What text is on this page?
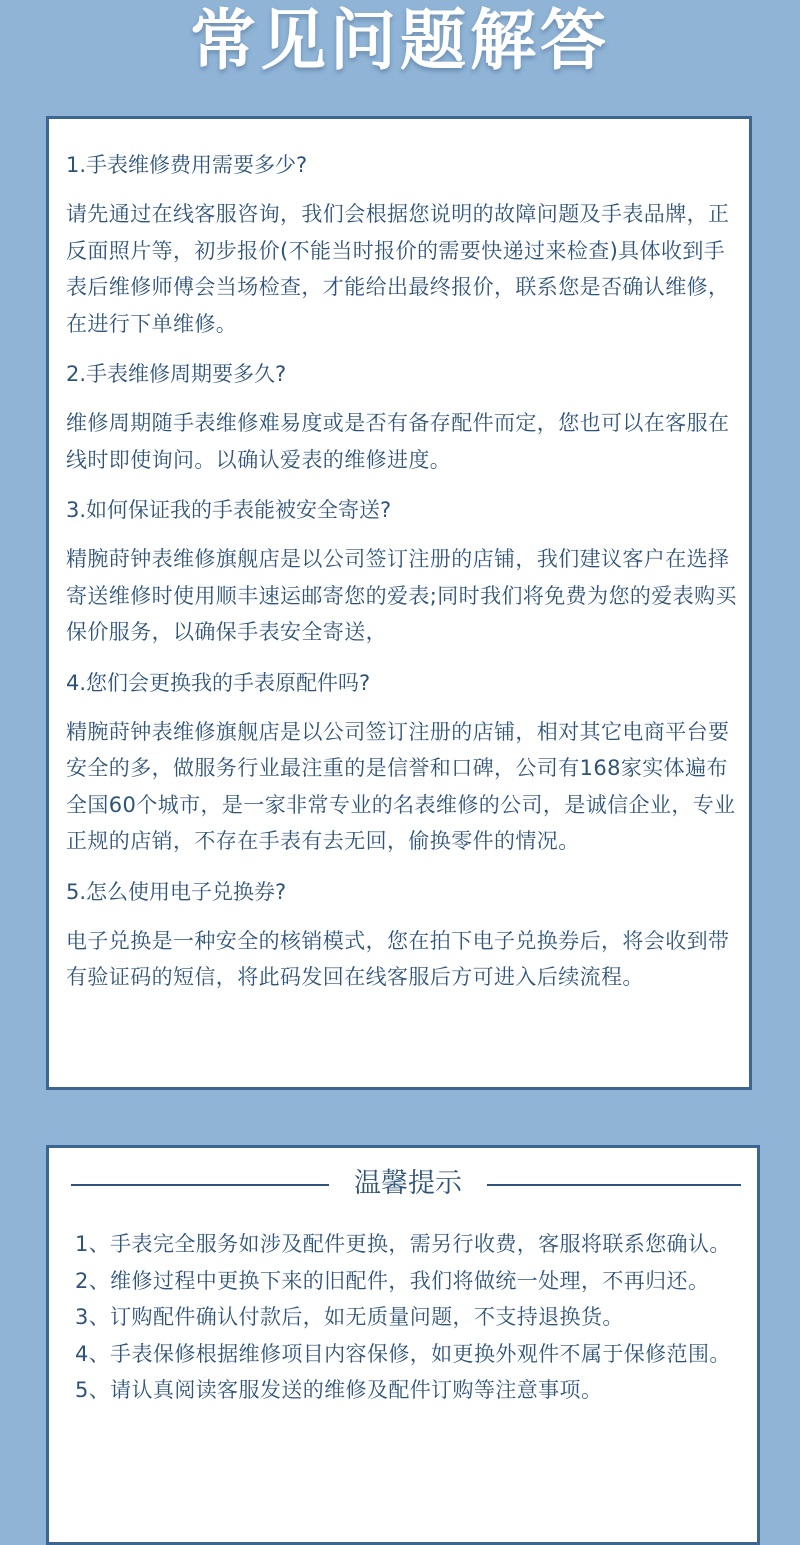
常见问题解答
1.手表维修费用需要多少?
请先通过在线客服咨询，我们会根据您说明的故障问题及手表品牌，正反面照片等，初步报价(不能当时报价的需要快递过来检查)具体收到手表后维修师傅会当场检查，才能给出最终报价，联系您是否确认维修，在进行下单维修。
2.手表维修周期要多久?
维修周期随手表维修难易度或是否有备存配件而定，您也可以在客服在线时即使询问。以确认爱表的维修进度。
3.如何保证我的手表能被安全寄送?
精腕莳钟表维修旗舰店是以公司签订注册的店铺，我们建议客户在选择寄送维修时使用顺丰速运邮寄您的爱表;同时我们将免费为您的爱表购买保价服务，以确保手表安全寄送，
4.您们会更换我的手表原配件吗?
精腕莳钟表维修旗舰店是以公司签订注册的店铺，相对其它电商平台要安全的多，做服务行业最注重的是信誉和口碑，公司有168家实体遍布全国60个城市，是一家非常专业的名表维修的公司，是诚信企业，专业正规的店销，不存在手表有去无回，偷换零件的情况。
5.怎么使用电子兑换券?
电子兑换是一种安全的核销模式，您在拍下电子兑换券后，将会收到带有验证码的短信，将此码发回在线客服后方可进入后续流程。
温馨提示
1、手表完全服务如涉及配件更换，需另行收费，客服将联系您确认。
2、维修过程中更换下来的旧配件，我们将做统一处理，不再归还。
3、订购配件确认付款后，如无质量问题，不支持退换货。
4、手表保修根据维修项目内容保修，如更换外观件不属于保修范围。
5、请认真阅读客服发送的维修及配件订购等注意事项。
